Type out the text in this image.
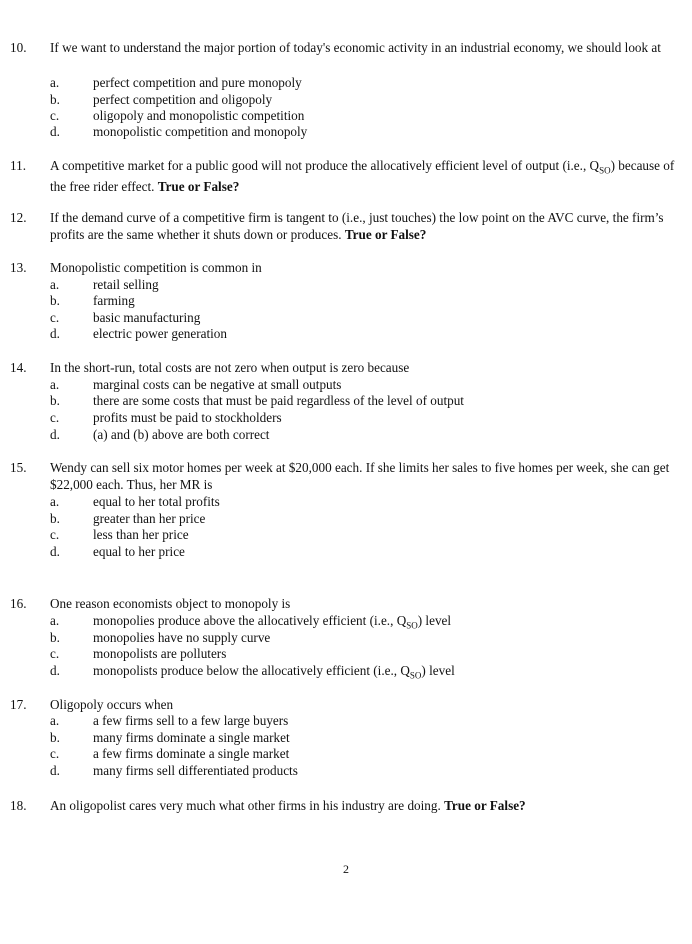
10. If we want to understand the major portion of today's economic activity in an industrial economy, we should look at
a.	perfect competition and pure monopoly
b.	perfect competition and oligopoly
c.	oligopoly and monopolistic competition
d.	monopolistic competition and monopoly
11. A competitive market for a public good will not produce the allocatively efficient level of output (i.e., $Q_{SO}$) because of the free rider effect. True or False?
12. If the demand curve of a competitive firm is tangent to (i.e., just touches) the low point on the AVC curve, the firm’s profits are the same whether it shuts down or produces. True or False?
13. Monopolistic competition is common in
a.	retail selling
b.	farming
c.	basic manufacturing
d.	electric power generation
14. In the short-run, total costs are not zero when output is zero because
a.	marginal costs can be negative at small outputs
b.	there are some costs that must be paid regardless of the level of output
c.	profits must be paid to stockholders
d.	(a) and (b) above are both correct
15. Wendy can sell six motor homes per week at $20,000 each. If she limits her sales to five homes per week, she can get $22,000 each. Thus, her MR is
a.	equal to her total profits
b.	greater than her price
c.	less than her price
d.	equal to her price
16. One reason economists object to monopoly is
a.	monopolies produce above the allocatively efficient (i.e., $Q_{SO}$) level
b.	monopolies have no supply curve
c.	monopolists are polluters
d.	monopolists produce below the allocatively efficient (i.e., $Q_{SO}$) level
17. Oligopoly occurs when
a.	a few firms sell to a few large buyers
b.	many firms dominate a single market
c.	a few firms dominate a single market
d.	many firms sell differentiated products
18. An oligopolist cares very much what other firms in his industry are doing. True or False?
2
